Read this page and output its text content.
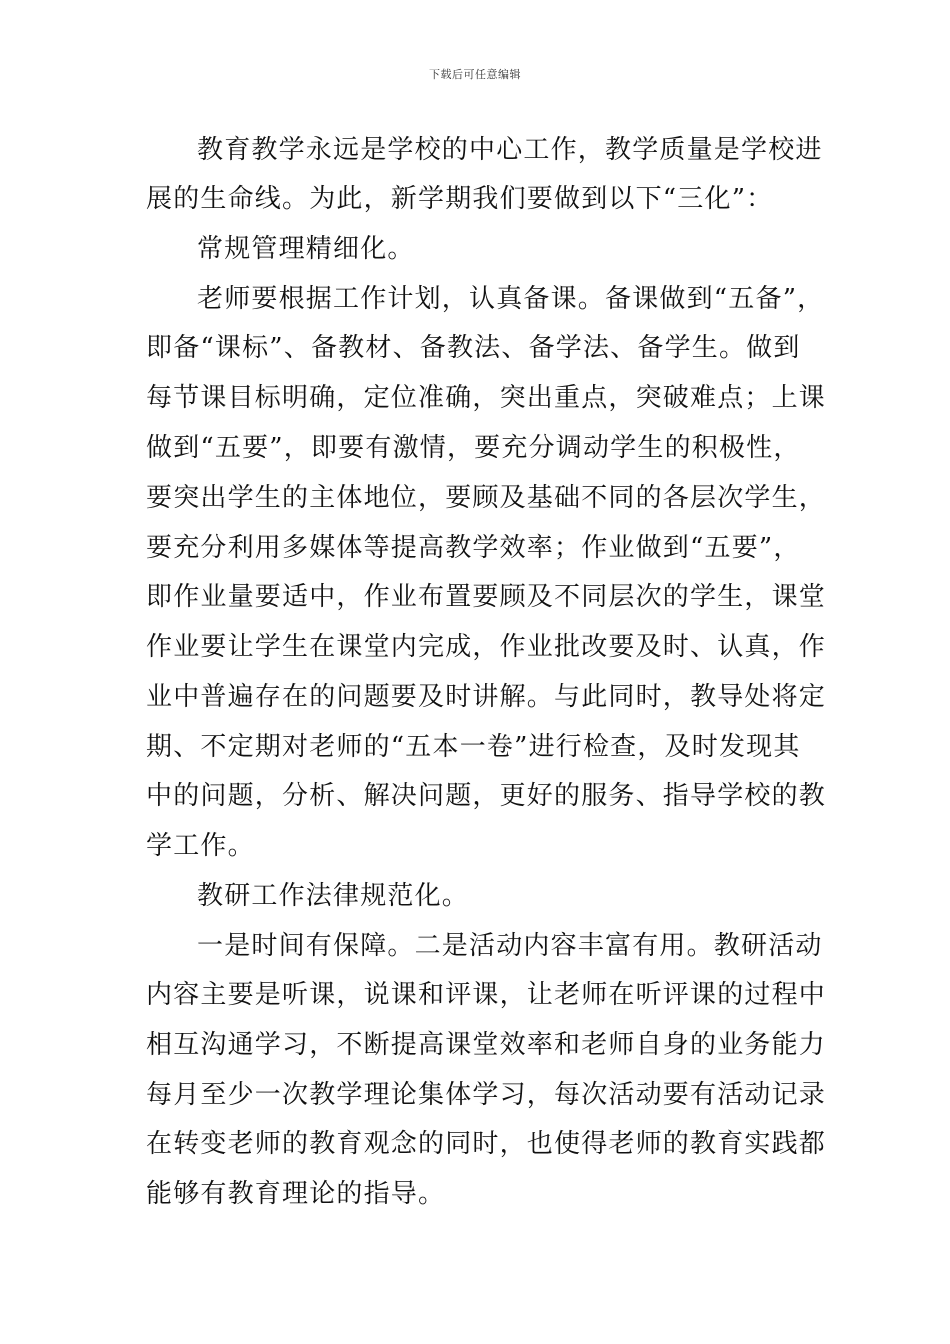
下载后可任意编辑
教育教学永远是学校的中心工作，教学质量是学校进
展的生命线。为此，新学期我们要做到以下“三化”：
常规管理精细化。
老师要根据工作计划，认真备课。备课做到“五备”，
即备“课标”、备教材、备教法、备学法、备学生。做到
每节课目标明确，定位准确，突出重点，突破难点；上课
做到“五要”，即要有激情，要充分调动学生的积极性，
要突出学生的主体地位，要顾及基础不同的各层次学生，
要充分利用多媒体等提高教学效率；作业做到“五要”，
即作业量要适中，作业布置要顾及不同层次的学生，课堂
作业要让学生在课堂内完成，作业批改要及时、认真，作
业中普遍存在的问题要及时讲解。与此同时，教导处将定
期、不定期对老师的“五本一卷”进行检查，及时发现其
中的问题，分析、解决问题，更好的服务、指导学校的教
学工作。
教研工作法律规范化。
一是时间有保障。二是活动内容丰富有用。教研活动
内容主要是听课，说课和评课，让老师在听评课的过程中
相互沟通学习，不断提高课堂效率和老师自身的业务能力
每月至少一次教学理论集体学习，每次活动要有活动记录
在转变老师的教育观念的同时，也使得老师的教育实践都
能够有教育理论的指导。
